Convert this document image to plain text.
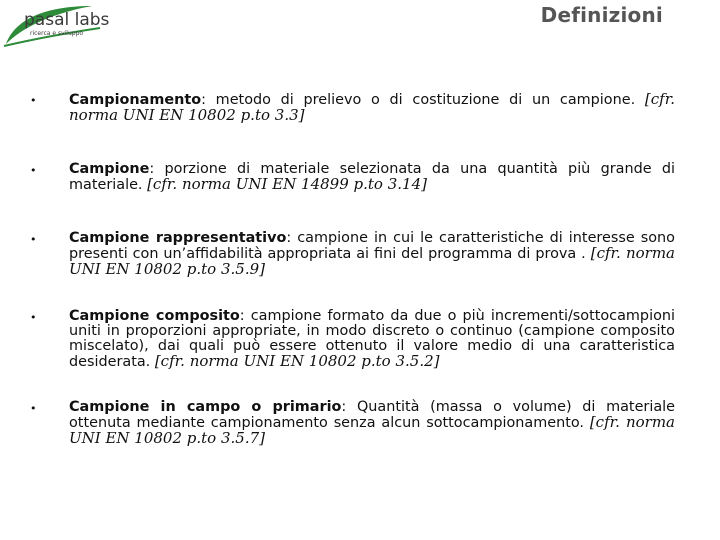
pasal labs
ricerca e sviluppo
Definizioni
• Campionamento: metodo di prelievo o di costituzione di un campione. [cfr. norma UNI EN 10802 p.to 3.3]
• Campione: porzione di materiale selezionata da una quantità più grande di materiale. [cfr. norma UNI EN 14899 p.to 3.14]
• Campione rappresentativo: campione in cui le caratteristiche di interesse sono presenti con un’affidabilità appropriata ai fini del programma di prova . [cfr. norma UNI EN 10802 p.to 3.5.9]
• Campione composito: campione formato da due o più incrementi/sottocampioni uniti in proporzioni appropriate, in modo discreto o continuo (campione composito miscelato), dai quali può essere ottenuto il valore medio di una caratteristica desiderata. [cfr. norma UNI EN 10802 p.to 3.5.2]
• Campione in campo o primario: Quantità (massa o volume) di materiale ottenuta mediante campionamento senza alcun sottocampionamento. [cfr. norma UNI EN 10802 p.to 3.5.7]
